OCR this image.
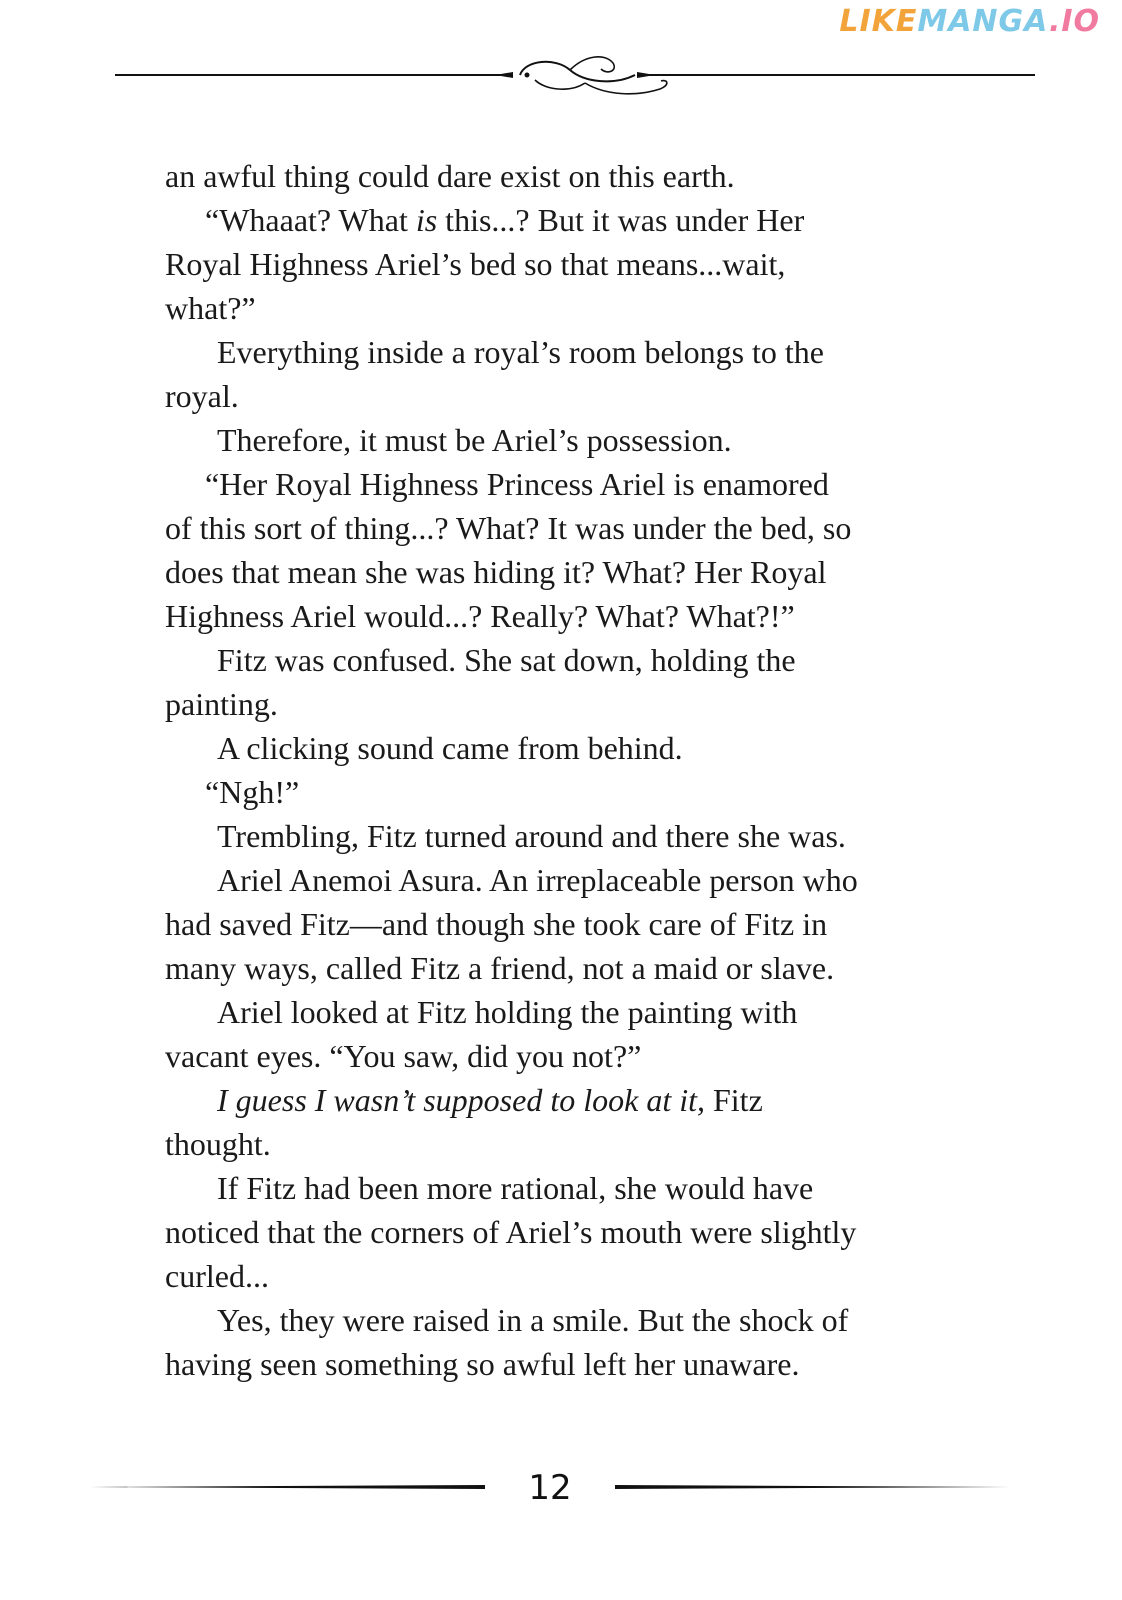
LIKEMANGA.IO

an awful thing could dare exist on this earth.

“Whaaat? What is this...? But it was under Her

Royal Highness Ariel’s bed so that means...wait,

what?”

Everything inside a royal’s room belongs to the

royal.

Therefore, it must be Ariel’s possession.

“Her Royal Highness Princess Ariel is enamored

of this sort of thing...? What? It was under the bed, so

does that mean she was hiding it? What? Her Royal

Highness Ariel would...? Really? What? What?!”

Fitz was confused. She sat down, holding the

painting.

A clicking sound came from behind.

“Ngh!”

Trembling, Fitz turned around and there she was.

Ariel Anemoi Asura. An irreplaceable person who

had saved Fitz—and though she took care of Fitz in

many ways, called Fitz a friend, not a maid or slave.

Ariel looked at Fitz holding the painting with

vacant eyes. “You saw, did you not?”

I guess I wasn’t supposed to look at it, Fitz

thought.

If Fitz had been more rational, she would have

noticed that the corners of Ariel’s mouth were slightly

curled...

Yes, they were raised in a smile. But the shock of

having seen something so awful left her unaware.

12
